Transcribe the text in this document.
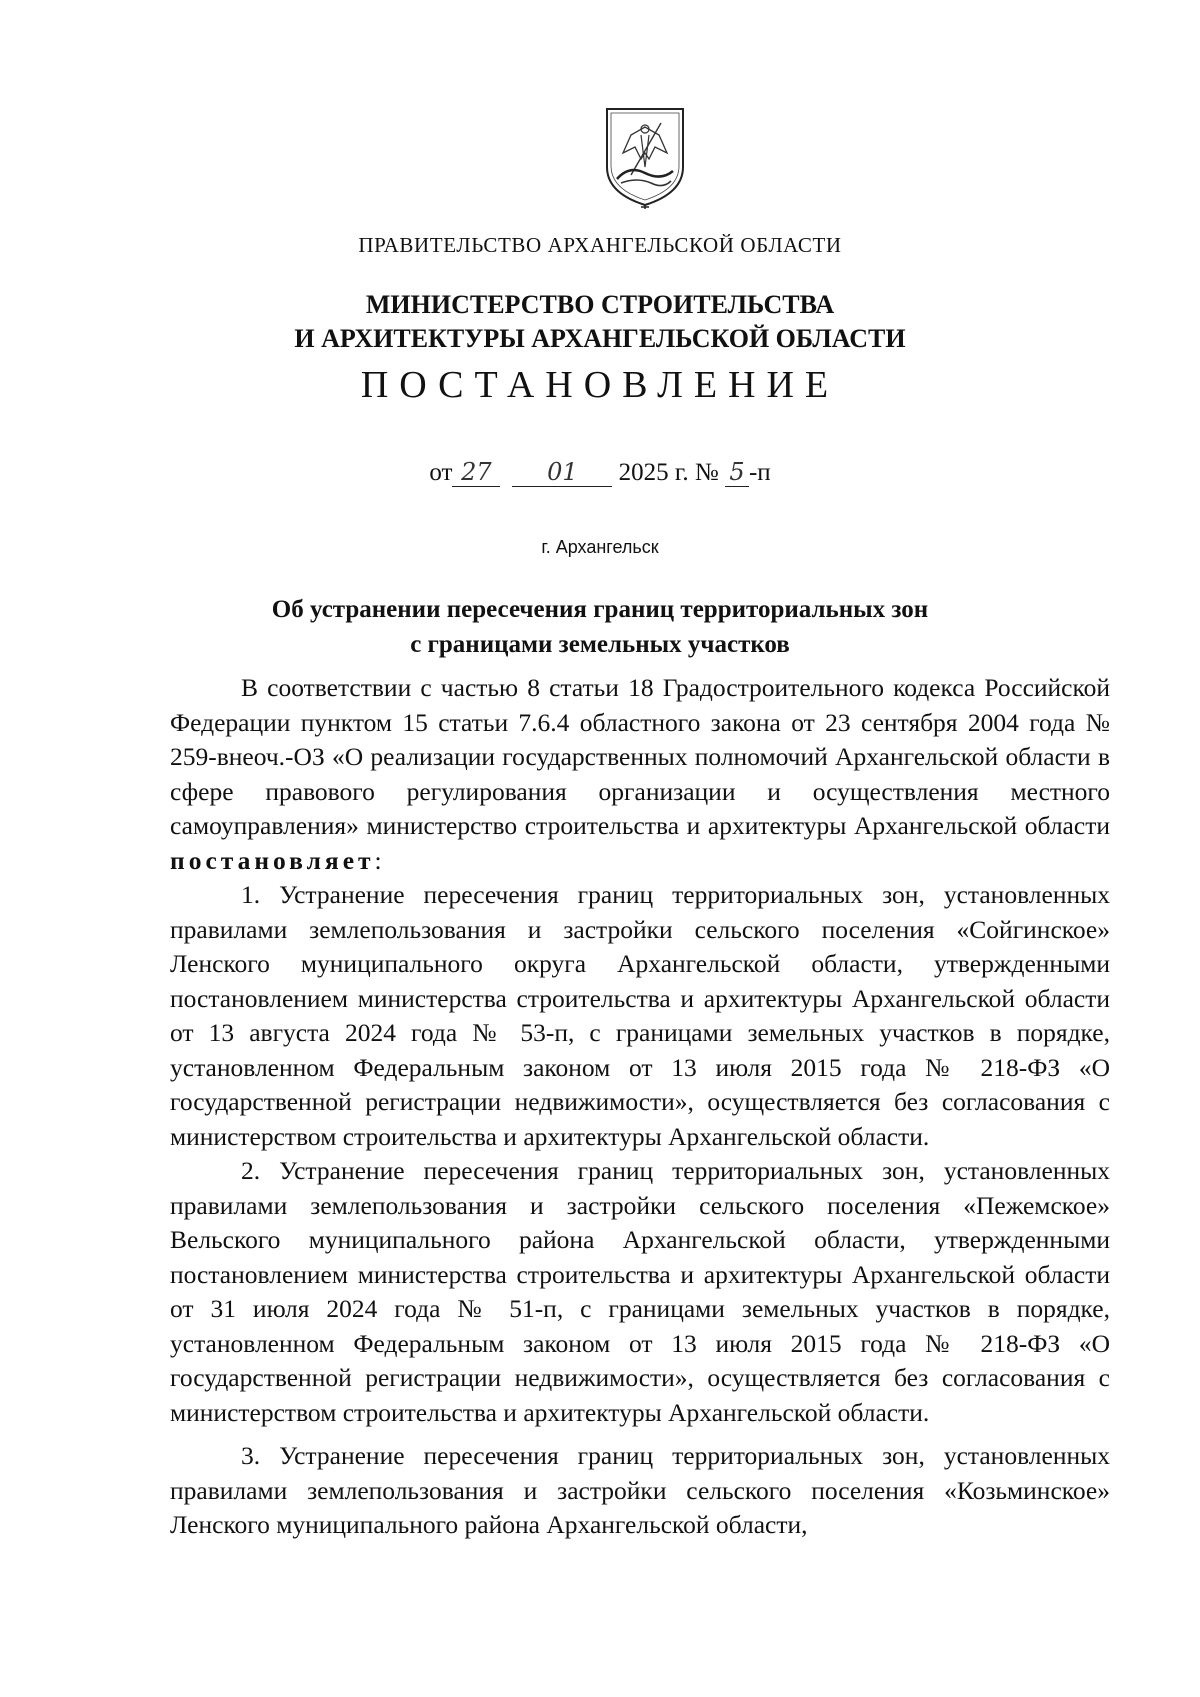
ПРАВИТЕЛЬСТВО АРХАНГЕЛЬСКОЙ ОБЛАСТИ
МИНИСТЕРСТВО СТРОИТЕЛЬСТВА
И АРХИТЕКТУРЫ АРХАНГЕЛЬСКОЙ ОБЛАСТИ
ПОСТАНОВЛЕНИЕ
от 27 01 2025 г. № 5 -п
г. Архангельск
Об устранении пересечения границ территориальных зон
с границами земельных участков

В соответствии с частью 8 статьи 18 Градостроительного кодекса Российской Федерации пунктом 15 статьи 7.6.4 областного закона от 23 сентября 2004 года № 259-внеоч.-ОЗ «О реализации государственных полномочий Архангельской области в сфере правового регулирования организации и осуществления местного самоуправления» министерство строительства и архитектуры Архангельской области постановляет:

1. Устранение пересечения границ территориальных зон, установленных правилами землепользования и застройки сельского поселения «Сойгинское» Ленского муниципального округа Архангельской области, утвержденными постановлением министерства строительства и архитектуры Архангельской области от 13 августа 2024 года № 53-п, с границами земельных участков в порядке, установленном Федеральным законом от 13 июля 2015 года № 218-ФЗ «О государственной регистрации недвижимости», осуществляется без согласования с министерством строительства и архитектуры Архангельской области.

2. Устранение пересечения границ территориальных зон, установленных правилами землепользования и застройки сельского поселения «Пежемское» Вельского муниципального района Архангельской области, утвержденными постановлением министерства строительства и архитектуры Архангельской области от 31 июля 2024 года № 51-п, с границами земельных участков в порядке, установленном Федеральным законом от 13 июля 2015 года № 218-ФЗ «О государственной регистрации недвижимости», осуществляется без согласования с министерством строительства и архитектуры Архангельской области.

3. Устранение пересечения границ территориальных зон, установленных правилами землепользования и застройки сельского поселения «Козьминское» Ленского муниципального района Архангельской области,
